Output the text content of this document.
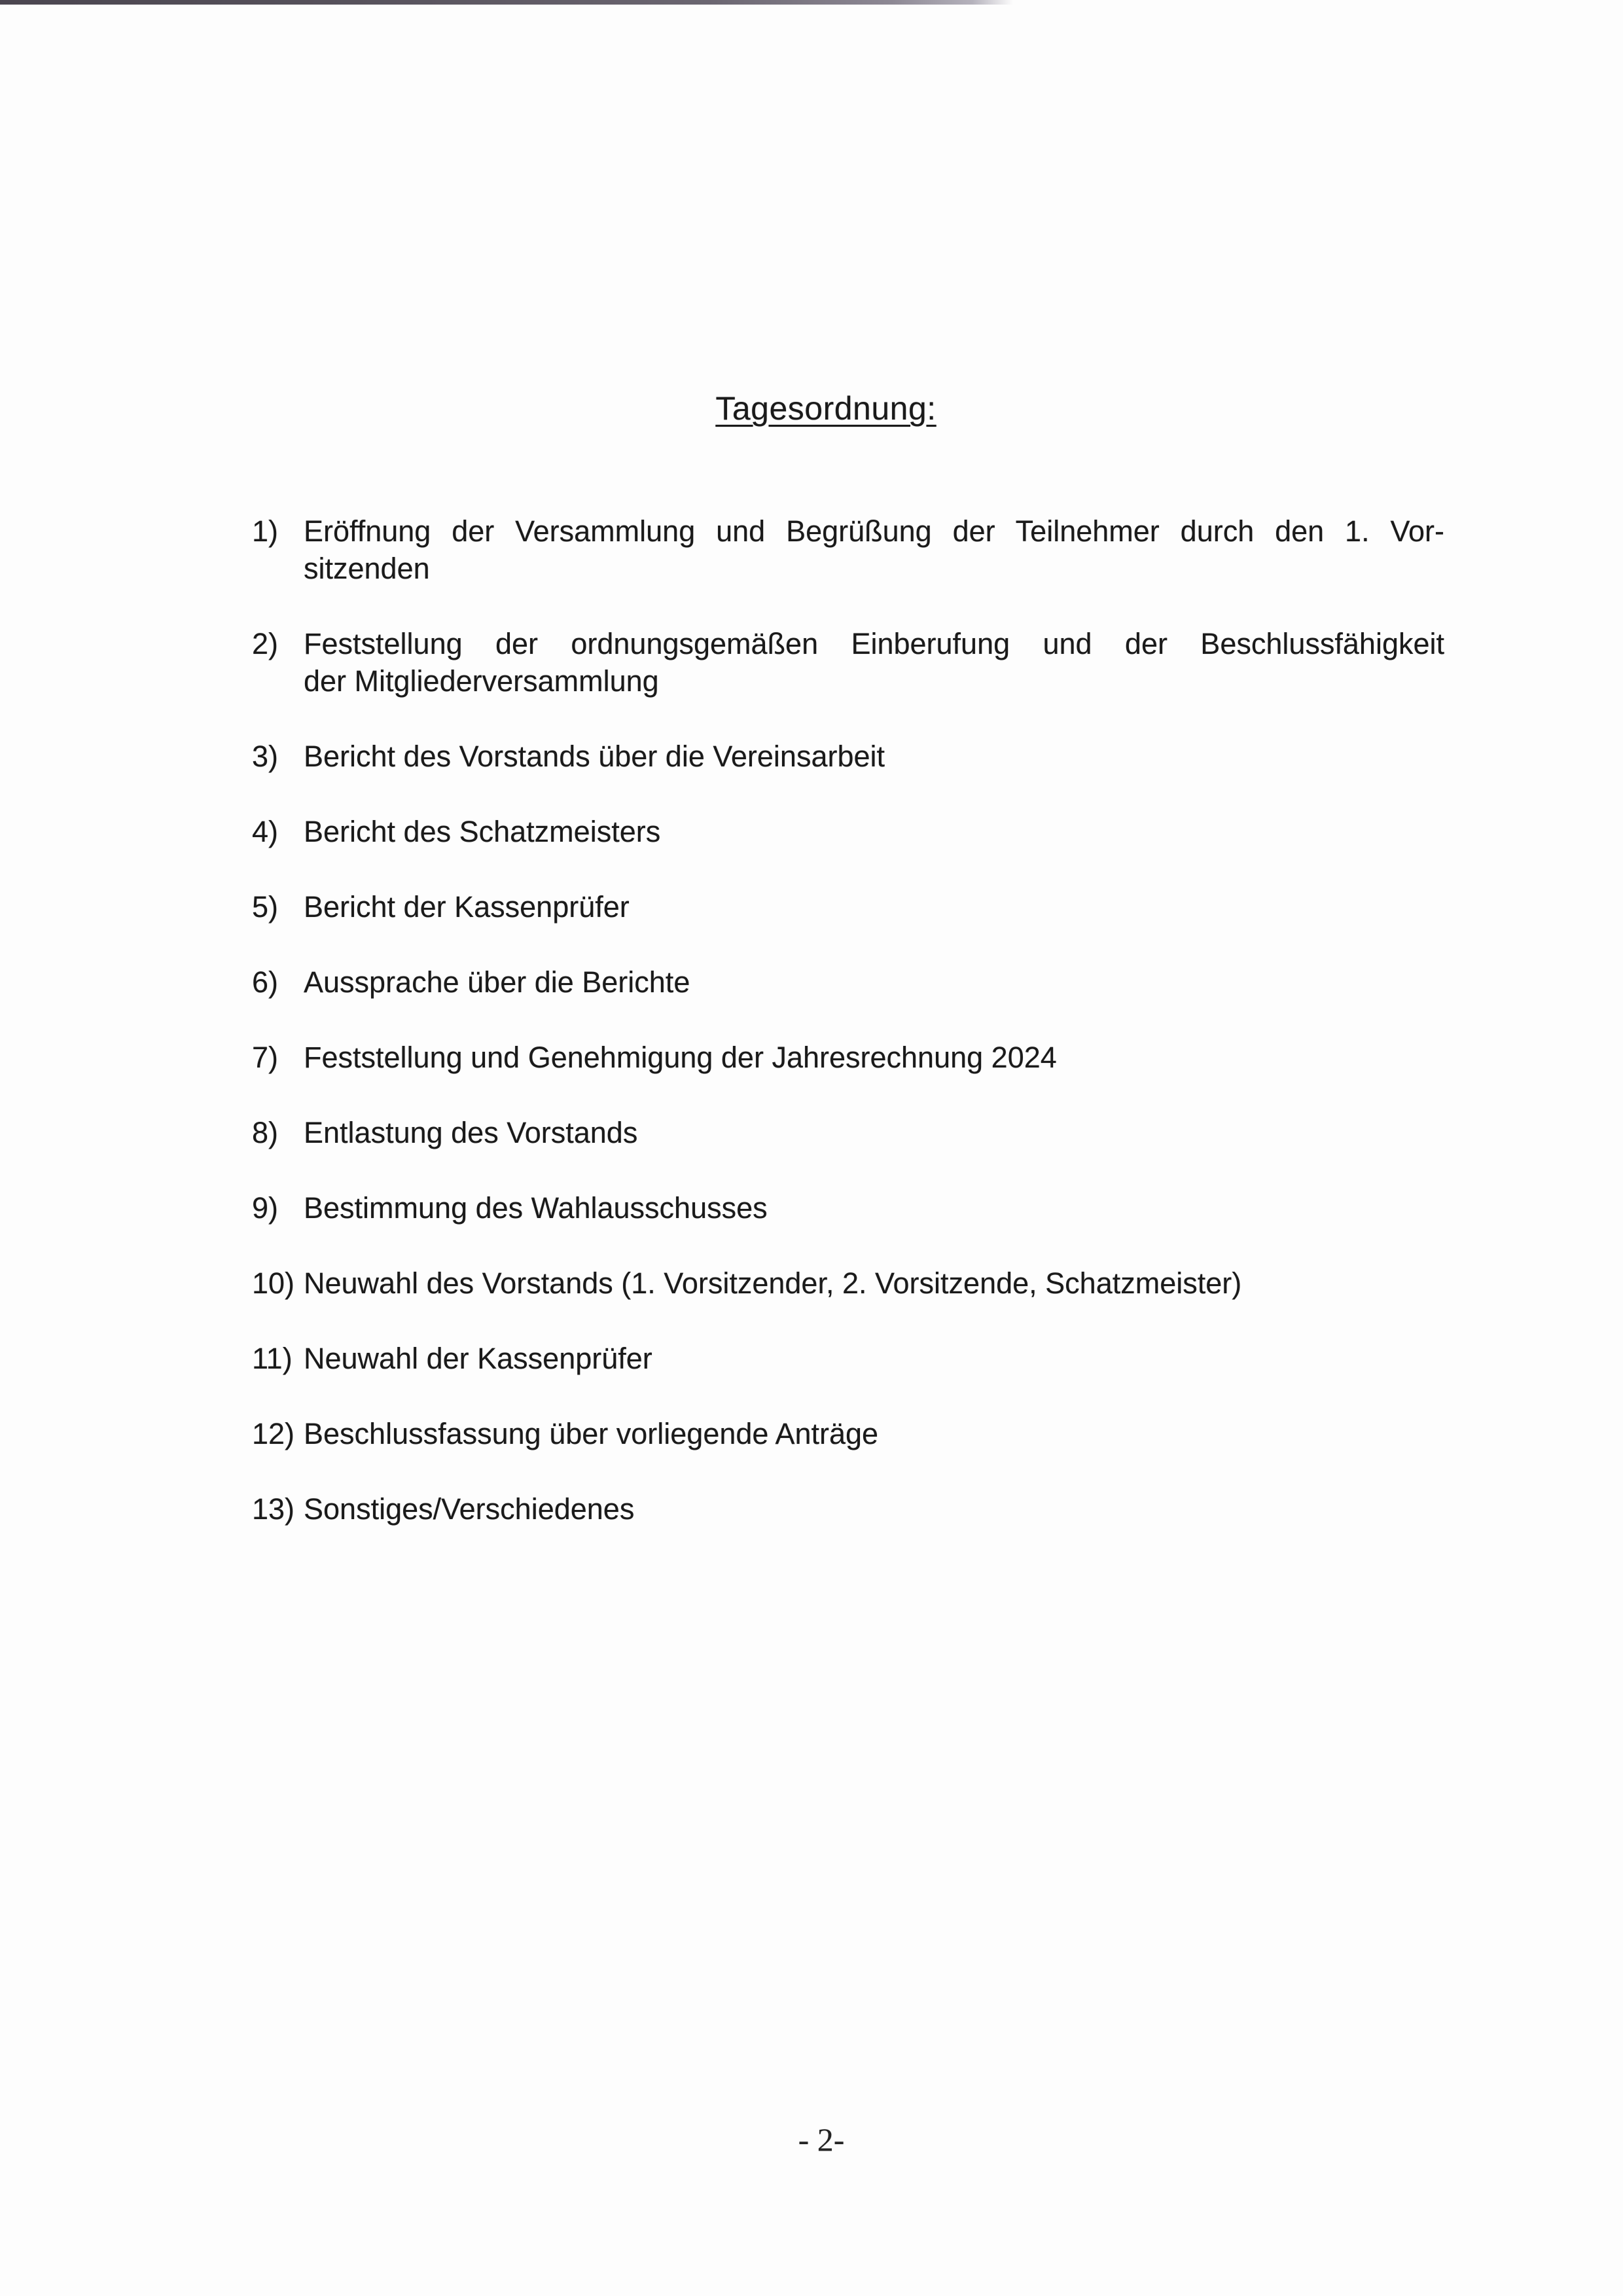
Tagesordnung:
1) Eröffnung der Versammlung und Begrüßung der Teilnehmer durch den 1. Vor-
sitzenden
2) Feststellung der ordnungsgemäßen Einberufung und der Beschlussfähigkeit
der Mitgliederversammlung
3) Bericht des Vorstands über die Vereinsarbeit
4) Bericht des Schatzmeisters
5) Bericht der Kassenprüfer
6) Aussprache über die Berichte
7) Feststellung und Genehmigung der Jahresrechnung 2024
8) Entlastung des Vorstands
9) Bestimmung des Wahlausschusses
10) Neuwahl des Vorstands (1. Vorsitzender, 2. Vorsitzende, Schatzmeister)
11) Neuwahl der Kassenprüfer
12) Beschlussfassung über vorliegende Anträge
13) Sonstiges/Verschiedenes
- 2-
